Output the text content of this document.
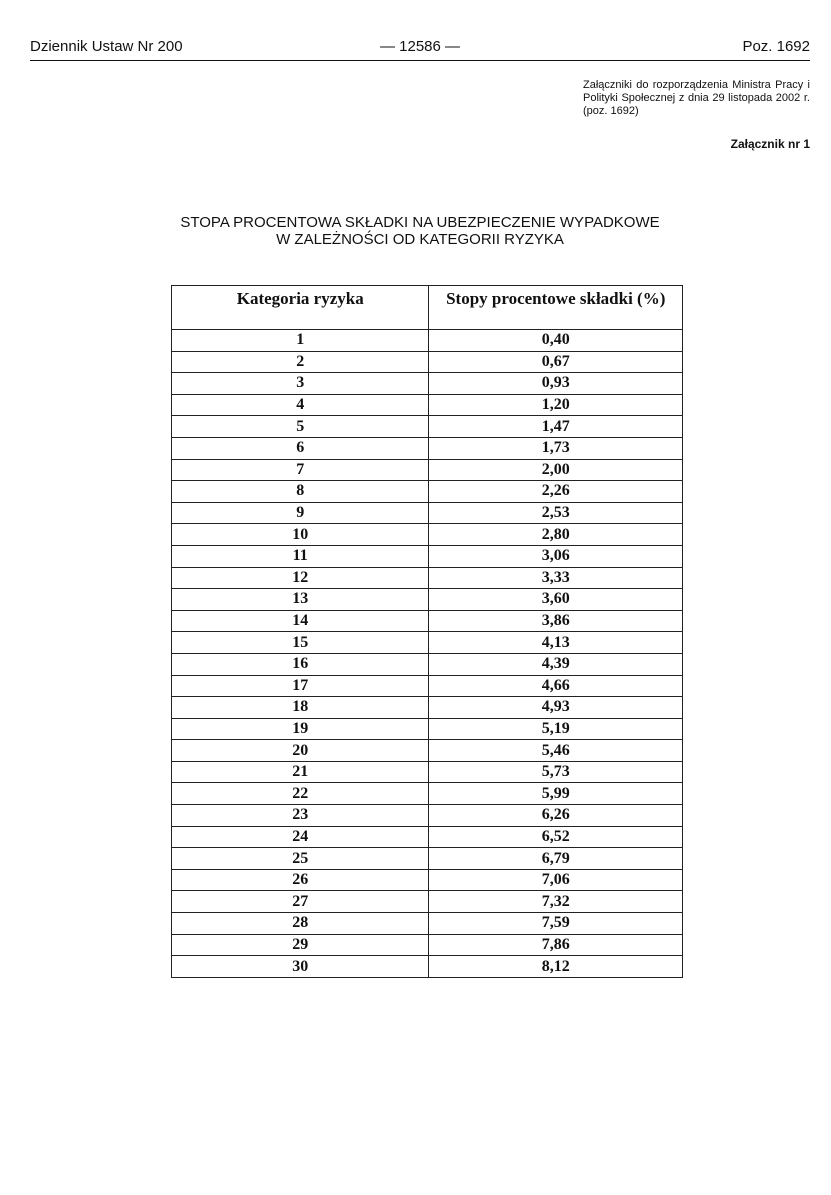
Dziennik Ustaw Nr 200	— 12586 —	Poz. 1692
Załączniki do rozporządzenia Ministra Pracy i Polityki Społecznej z dnia 29 listopada 2002 r. (poz. 1692)
Załącznik nr 1
STOPA PROCENTOWA SKŁADKI NA UBEZPIECZENIE WYPADKOWE
W ZALEŻNOŚCI OD KATEGORII RYZYKA
Kategoria ryzyka	Stopy procentowe składki (%)
1	0,40
2	0,67
3	0,93
4	1,20
5	1,47
6	1,73
7	2,00
8	2,26
9	2,53
10	2,80
11	3,06
12	3,33
13	3,60
14	3,86
15	4,13
16	4,39
17	4,66
18	4,93
19	5,19
20	5,46
21	5,73
22	5,99
23	6,26
24	6,52
25	6,79
26	7,06
27	7,32
28	7,59
29	7,86
30	8,12
